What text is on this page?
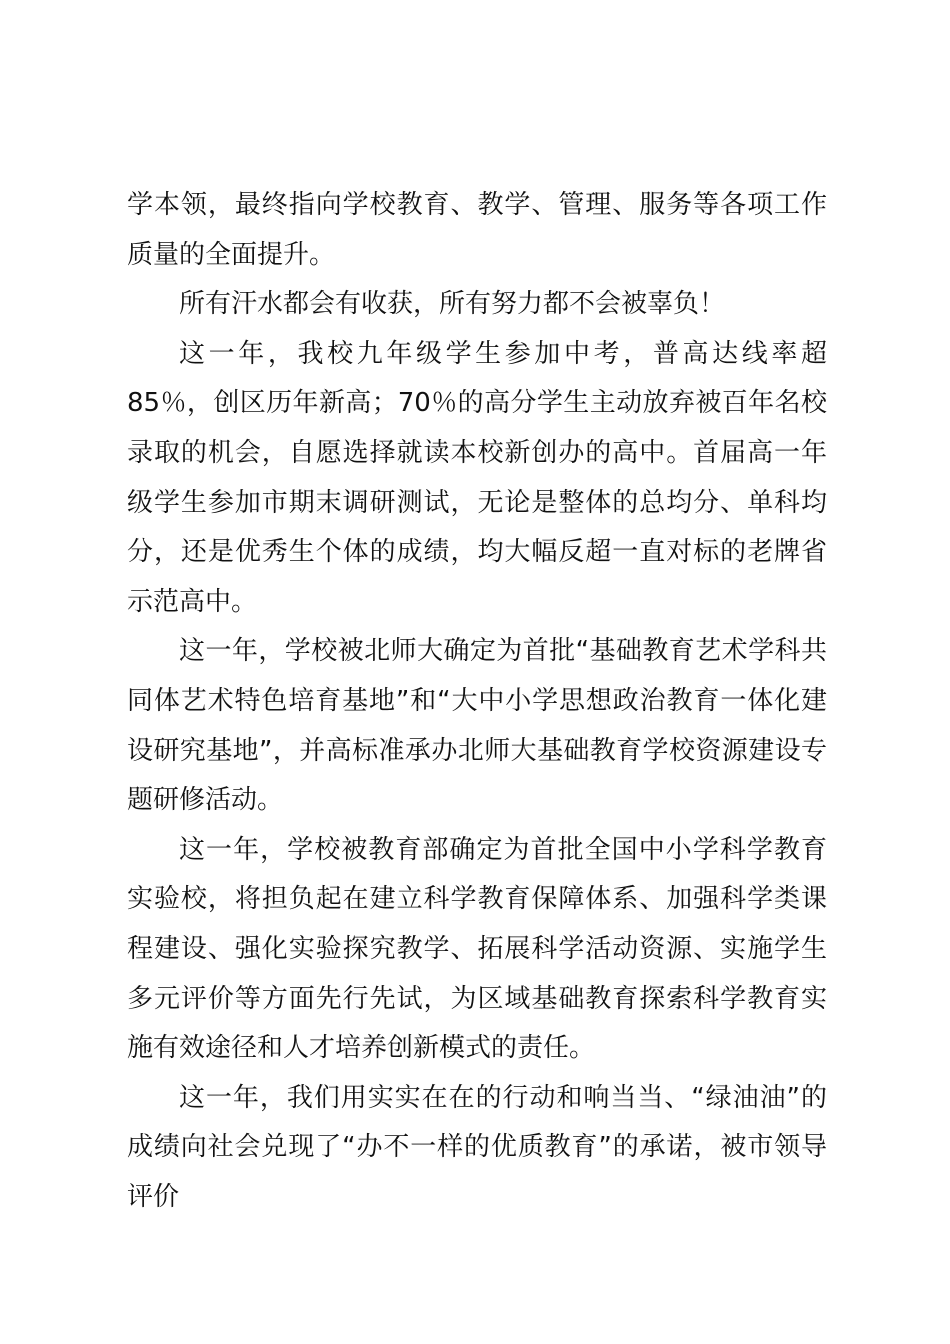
学本领，最终指向学校教育、教学、管理、服务等各项工作质量的全面提升。

所有汗水都会有收获，所有努力都不会被辜负！

这一年，我校九年级学生参加中考，普高达线率超 85％，创区历年新高；70％的高分学生主动放弃被百年名校录取的机会，自愿选择就读本校新创办的高中。首届高一年级学生参加市期末调研测试，无论是整体的总均分、单科均分，还是优秀生个体的成绩，均大幅反超一直对标的老牌省示范高中。

这一年，学校被北师大确定为首批“基础教育艺术学科共同体艺术特色培育基地”和“大中小学思想政治教育一体化建设研究基地”，并高标准承办北师大基础教育学校资源建设专题研修活动。

这一年，学校被教育部确定为首批全国中小学科学教育实验校，将担负起在建立科学教育保障体系、加强科学类课程建设、强化实验探究教学、拓展科学活动资源、实施学生多元评价等方面先行先试，为区域基础教育探索科学教育实施有效途径和人才培养创新模式的责任。

这一年，我们用实实在在的行动和响当当、“绿油油”的成绩向社会兑现了“办不一样的优质教育”的承诺，被市领导评价
